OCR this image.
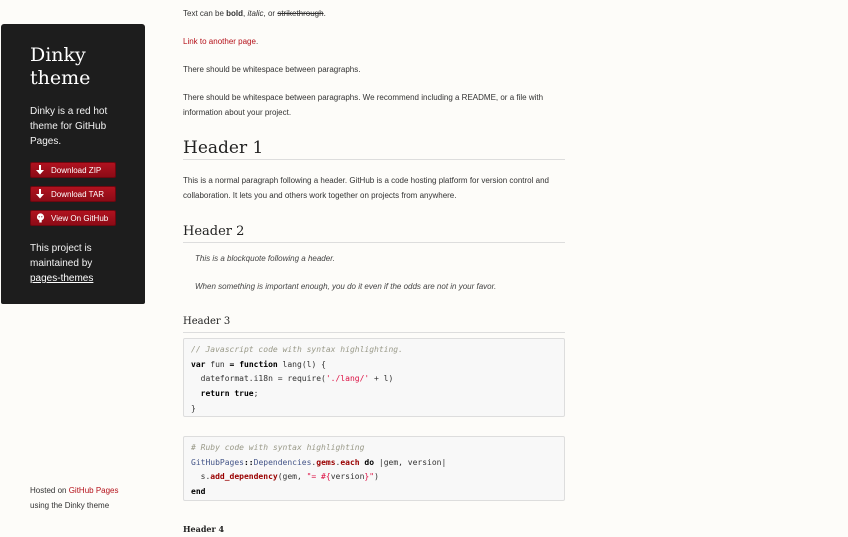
Dinky
theme

Dinky is a red hot theme for GitHub Pages.

Download ZIP
Download TAR
View On GitHub

This project is maintained by
pages-themes

Hosted on GitHub Pages
using the Dinky theme

Text can be bold, italic, or strikethrough.

Link to another page.

There should be whitespace between paragraphs.

There should be whitespace between paragraphs. We recommend including a README, or a file with information about your project.

Header 1

This is a normal paragraph following a header. GitHub is a code hosting platform for version control and collaboration. It lets you and others work together on projects from anywhere.

Header 2

This is a blockquote following a header.

When something is important enough, you do it even if the odds are not in your favor.

Header 3
// Javascript code with syntax highlighting.
var fun = function lang(l) {
dateformat.i18n = require('./lang/' + l)
return true;
}
# Ruby code with syntax highlighting
GitHubPages::Dependencies.gems.each do |gem, version|
s.add_dependency(gem, "= #{version}")
end
Header 4
